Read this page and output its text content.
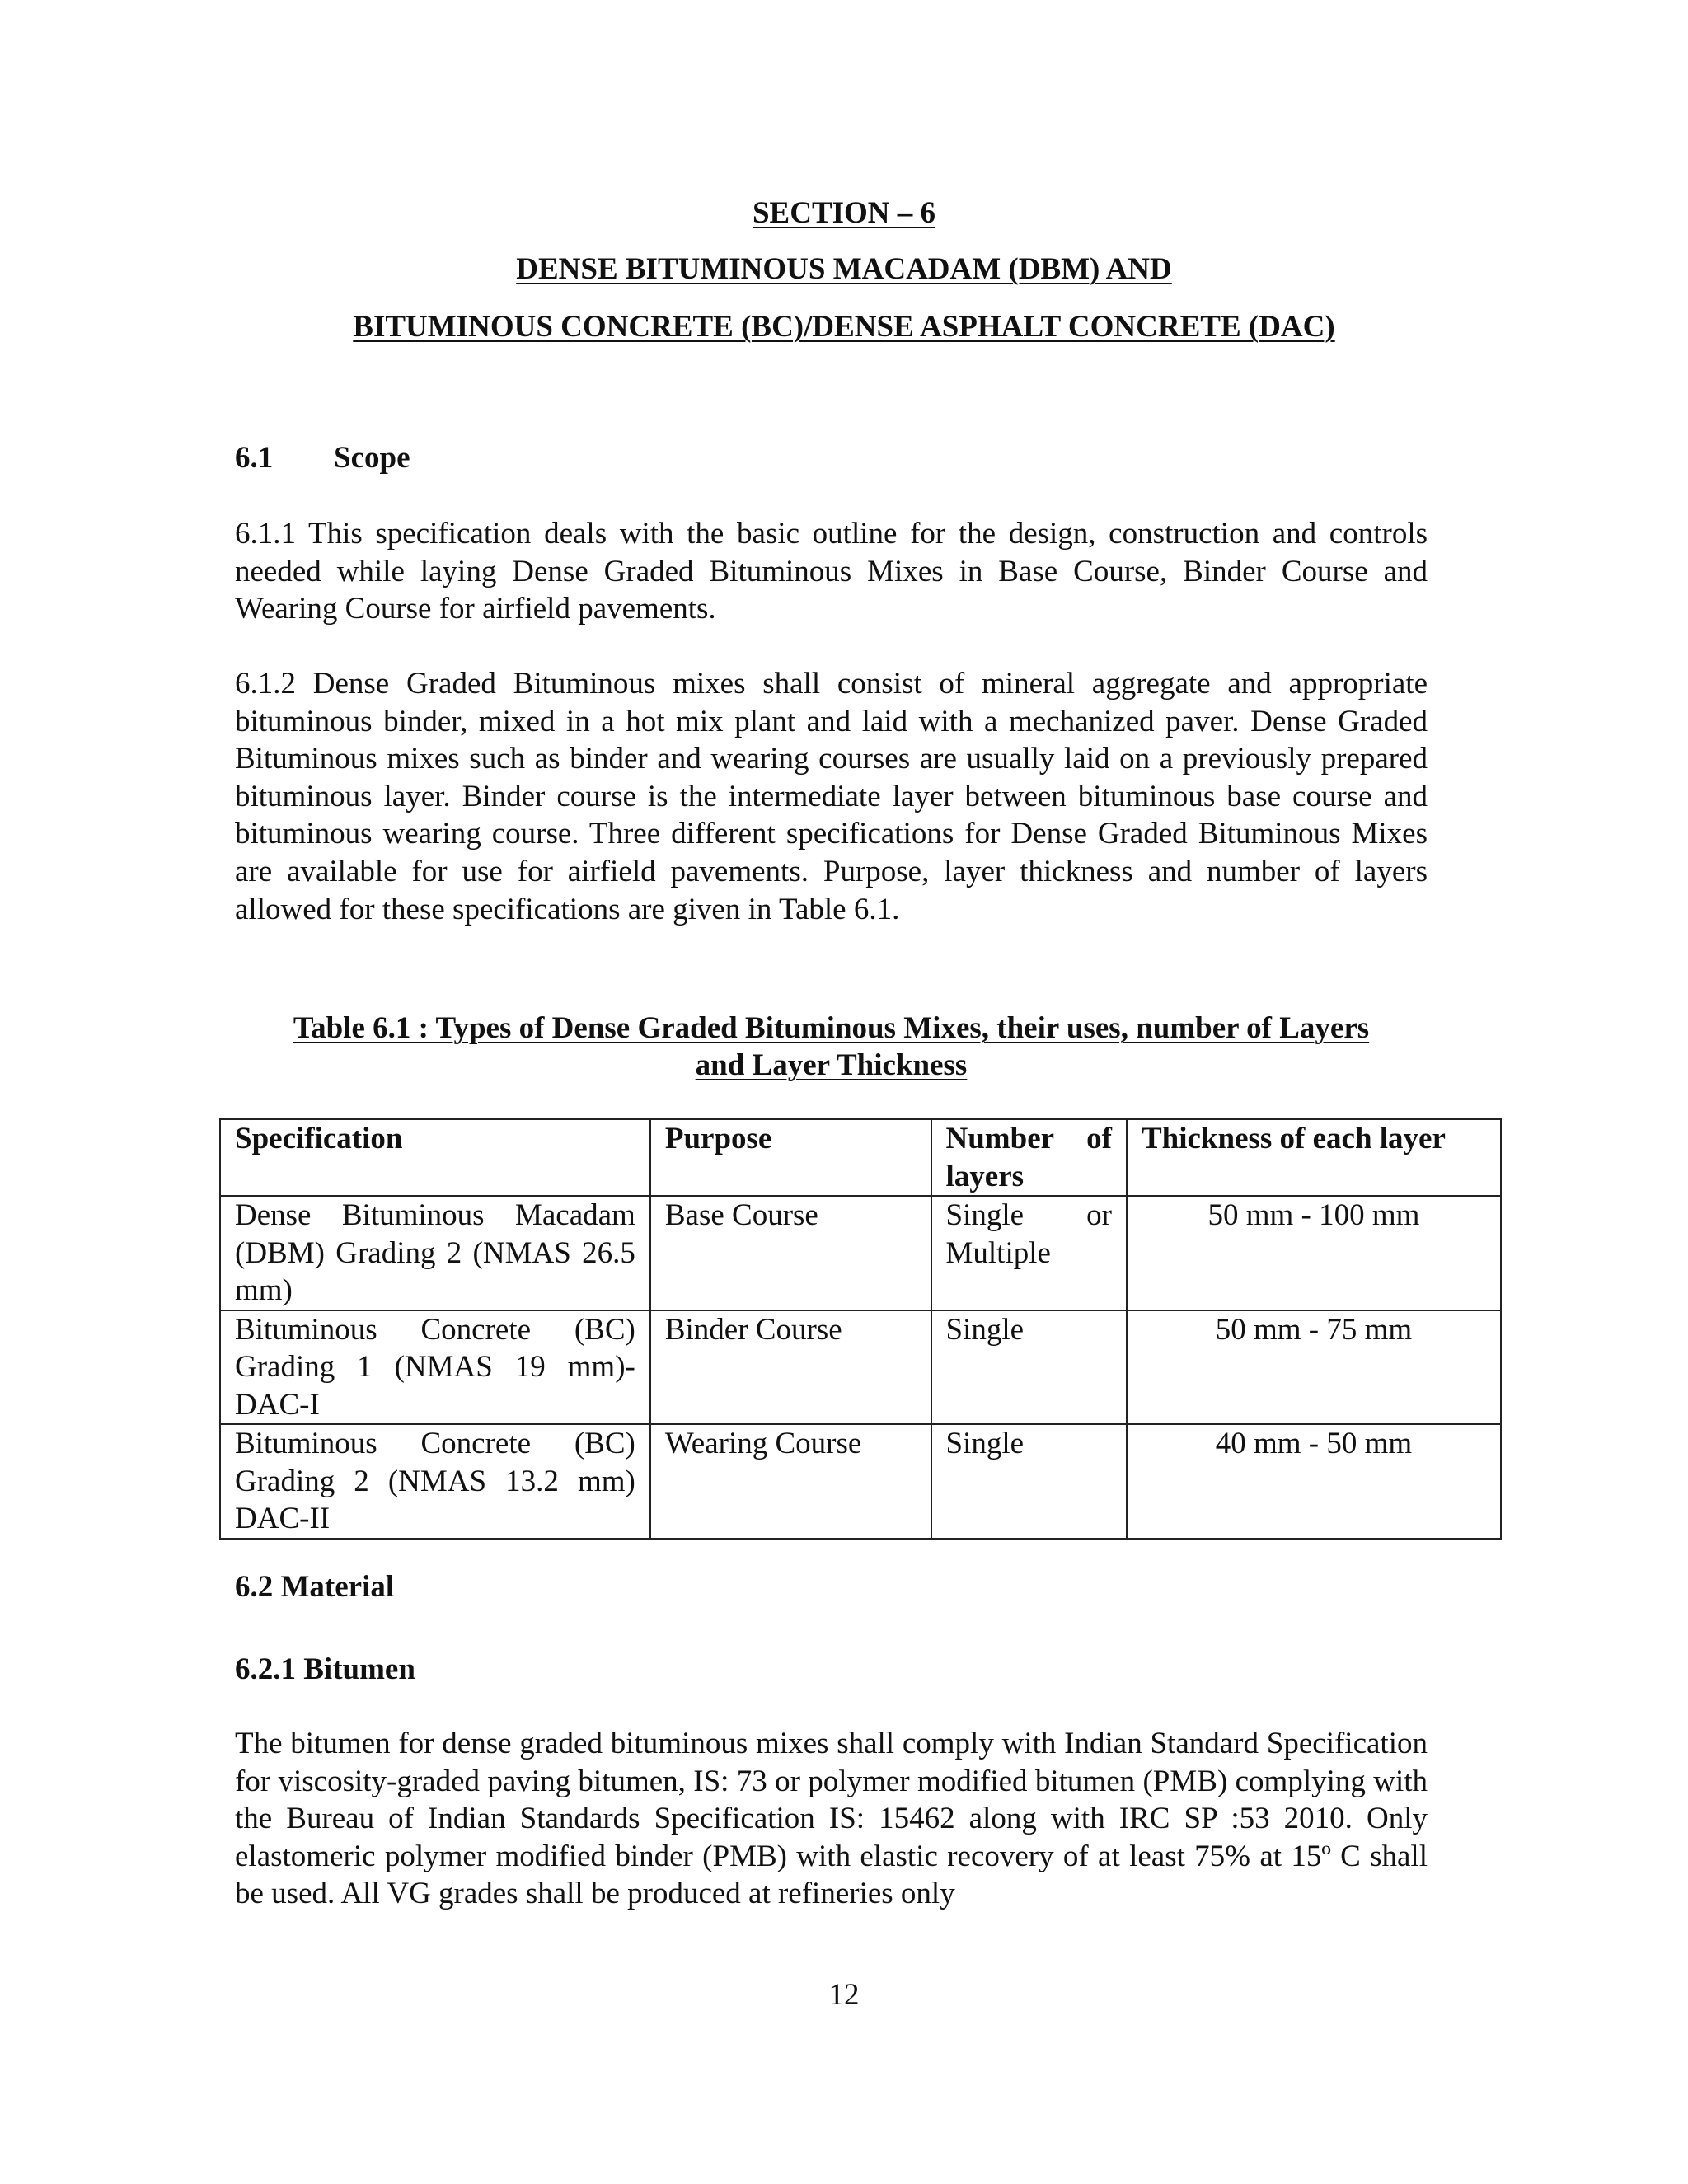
SECTION – 6

DENSE BITUMINOUS MACADAM (DBM) AND

BITUMINOUS CONCRETE (BC)/DENSE ASPHALT CONCRETE (DAC)

6.1 Scope

6.1.1 This specification deals with the basic outline for the design, construction and controls needed while laying Dense Graded Bituminous Mixes in Base Course, Binder Course and Wearing Course for airfield pavements.

6.1.2 Dense Graded Bituminous mixes shall consist of mineral aggregate and appropriate bituminous binder, mixed in a hot mix plant and laid with a mechanized paver. Dense Graded Bituminous mixes such as binder and wearing courses are usually laid on a previously prepared bituminous layer. Binder course is the intermediate layer between bituminous base course and bituminous wearing course. Three different specifications for Dense Graded Bituminous Mixes are available for use for airfield pavements. Purpose, layer thickness and number of layers allowed for these specifications are given in Table 6.1.

Table 6.1 : Types of Dense Graded Bituminous Mixes, their uses, number of Layers
and Layer Thickness

Specification	Purpose	Number of layers	Thickness of each layer
Dense Bituminous Macadam (DBM) Grading 2 (NMAS 26.5 mm)	Base Course	Single or Multiple	50 mm - 100 mm
Bituminous Concrete (BC) Grading 1 (NMAS 19 mm)- DAC-I	Binder Course	Single	50 mm - 75 mm
Bituminous Concrete (BC) Grading 2 (NMAS 13.2 mm) DAC-II	Wearing Course	Single	40 mm - 50 mm

6.2 Material

6.2.1 Bitumen

The bitumen for dense graded bituminous mixes shall comply with Indian Standard Specification for viscosity-graded paving bitumen, IS: 73 or polymer modified bitumen (PMB) complying with the Bureau of Indian Standards Specification IS: 15462 along with IRC SP :53 2010. Only elastomeric polymer modified binder (PMB) with elastic recovery of at least 75% at 15º C shall be used. All VG grades shall be produced at refineries only

12
